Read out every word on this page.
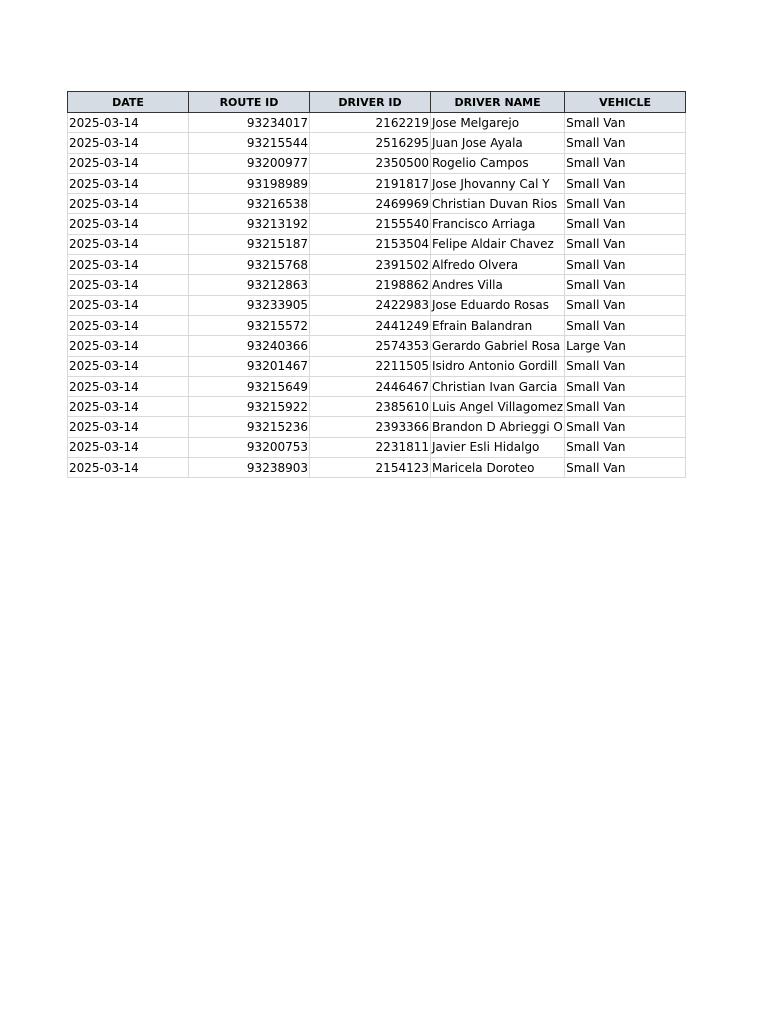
DATE	ROUTE ID	DRIVER ID	DRIVER NAME	VEHICLE
2025-03-14	93234017	2162219	Jose Melgarejo	Small Van
2025-03-14	93215544	2516295	Juan Jose Ayala	Small Van
2025-03-14	93200977	2350500	Rogelio Campos	Small Van
2025-03-14	93198989	2191817	Jose Jhovanny Cal Y	Small Van
2025-03-14	93216538	2469969	Christian Duvan Rios	Small Van
2025-03-14	93213192	2155540	Francisco Arriaga	Small Van
2025-03-14	93215187	2153504	Felipe Aldair Chavez	Small Van
2025-03-14	93215768	2391502	Alfredo Olvera	Small Van
2025-03-14	93212863	2198862	Andres Villa	Small Van
2025-03-14	93233905	2422983	Jose Eduardo Rosas	Small Van
2025-03-14	93215572	2441249	Efrain Balandran	Small Van
2025-03-14	93240366	2574353	Gerardo Gabriel Rosa	Large Van
2025-03-14	93201467	2211505	Isidro Antonio Gordill	Small Van
2025-03-14	93215649	2446467	Christian Ivan Garcia	Small Van
2025-03-14	93215922	2385610	Luis Angel Villagomez	Small Van
2025-03-14	93215236	2393366	Brandon D Abrieggi O	Small Van
2025-03-14	93200753	2231811	Javier Esli Hidalgo	Small Van
2025-03-14	93238903	2154123	Maricela Doroteo	Small Van
